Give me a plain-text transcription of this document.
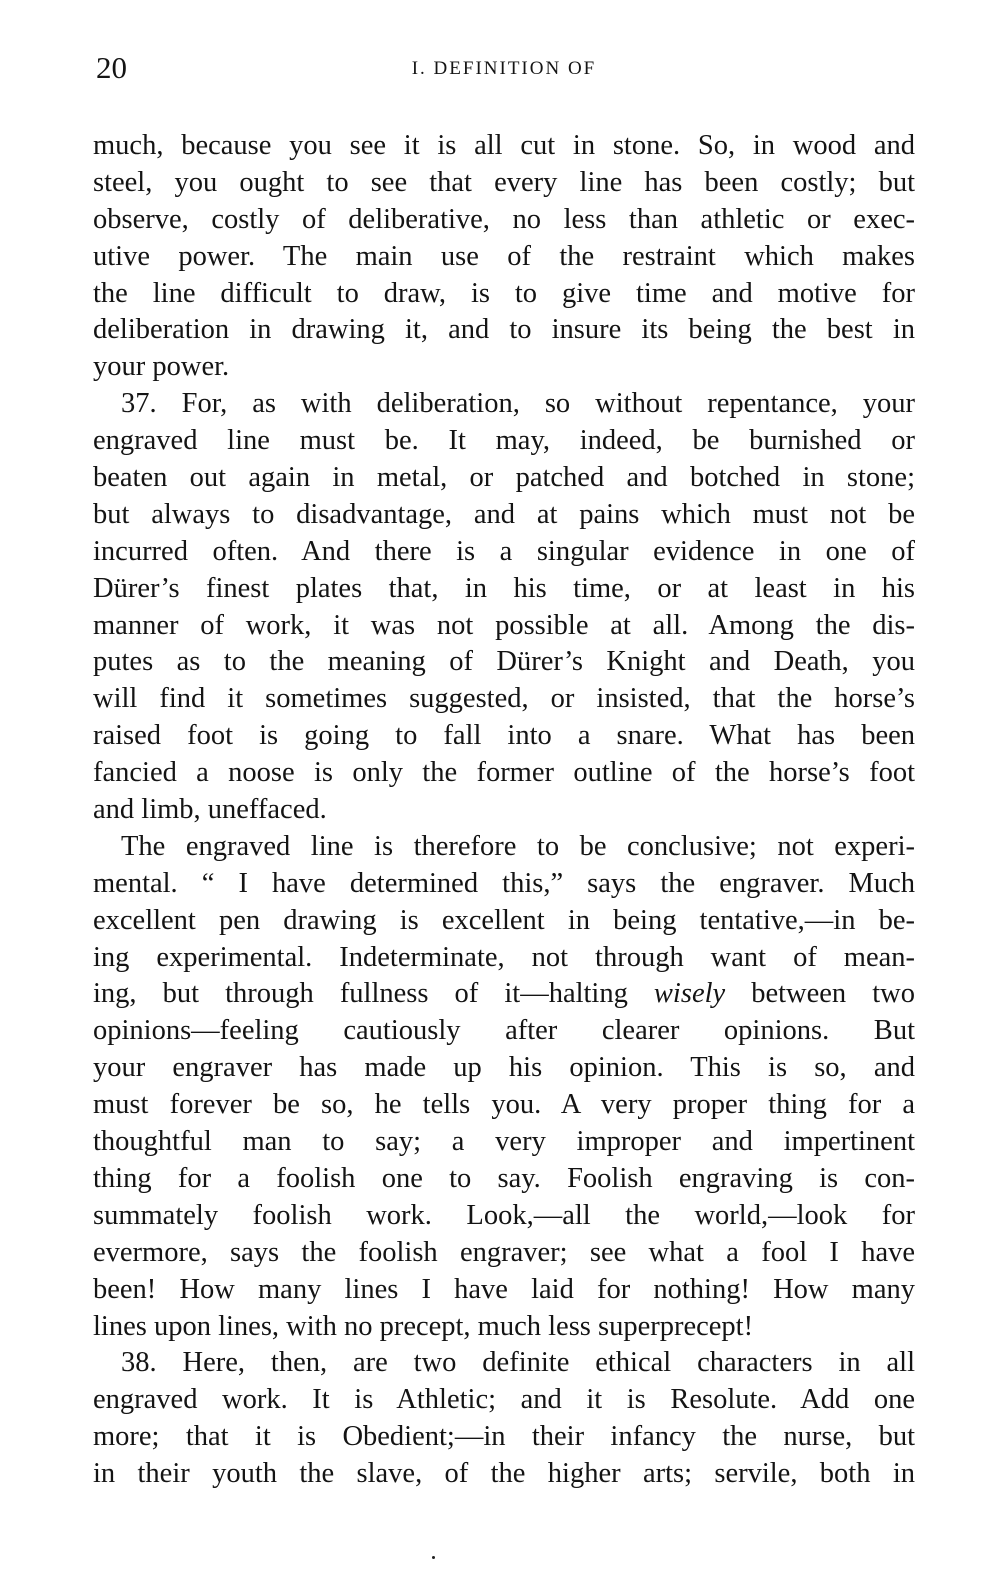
20	I. DEFINITION OF
much, because you see it is all cut in stone. So, in wood and
steel, you ought to see that every line has been costly; but
observe, costly of deliberative, no less than athletic or exec-
utive power. The main use of the restraint which makes
the line difficult to draw, is to give time and motive for
deliberation in drawing it, and to insure its being the best in
your power.
37. For, as with deliberation, so without repentance, your
engraved line must be. It may, indeed, be burnished or
beaten out again in metal, or patched and botched in stone;
but always to disadvantage, and at pains which must not be
incurred often. And there is a singular evidence in one of
Dürer’s finest plates that, in his time, or at least in his
manner of work, it was not possible at all. Among the dis-
putes as to the meaning of Dürer’s Knight and Death, you
will find it sometimes suggested, or insisted, that the horse’s
raised foot is going to fall into a snare. What has been
fancied a noose is only the former outline of the horse’s foot
and limb, uneffaced.
The engraved line is therefore to be conclusive; not experi-
mental. “ I have determined this,” says the engraver. Much
excellent pen drawing is excellent in being tentative,—in be-
ing experimental. Indeterminate, not through want of mean-
ing, but through fullness of it—halting wisely between two
opinions—feeling cautiously after clearer opinions. But
your engraver has made up his opinion. This is so, and
must forever be so, he tells you. A very proper thing for a
thoughtful man to say; a very improper and impertinent
thing for a foolish one to say. Foolish engraving is con-
summately foolish work. Look,—all the world,—look for
evermore, says the foolish engraver; see what a fool I have
been! How many lines I have laid for nothing! How many
lines upon lines, with no precept, much less superprecept!
38. Here, then, are two definite ethical characters in all
engraved work. It is Athletic; and it is Resolute. Add one
more; that it is Obedient;—in their infancy the nurse, but
in their youth the slave, of the higher arts; servile, both in
